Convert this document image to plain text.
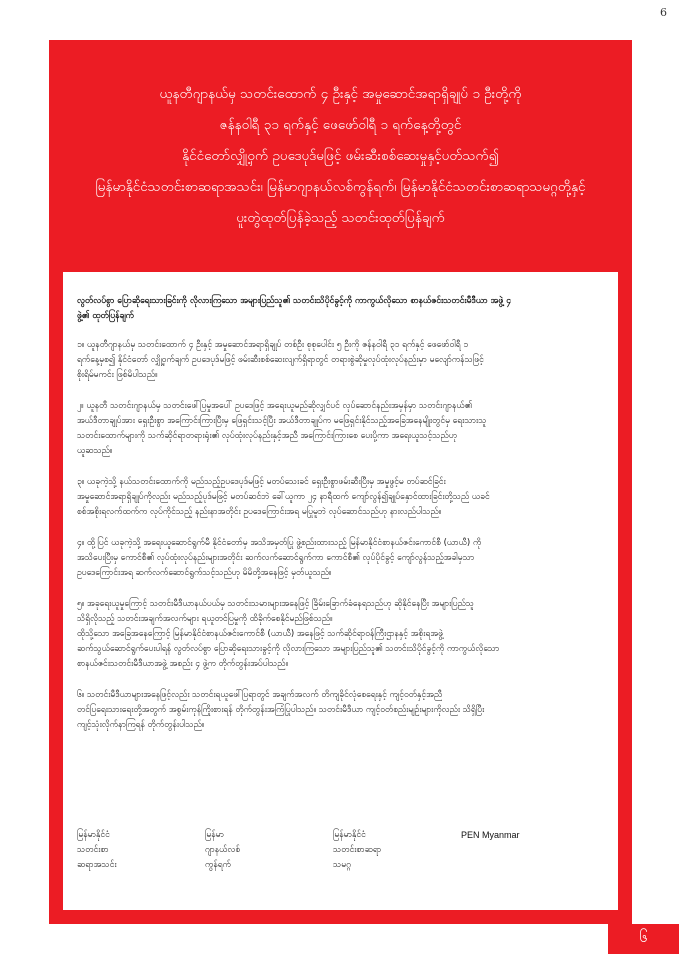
6
ယူနတီဂျာနယ်မှ သတင်းထောက် ၄ ဦးနှင့် အမှုဆောင်အရာရှိချုပ် ၁ ဦးတို့ကို
ဇန်နဝါရီ ၃၁ ရက်နှင့် ဖေဖော်ဝါရီ ၁ ရက်နေ့တို့တွင်
နိုင်ငံတော်လျှို့ဝှက် ဥပဒေပုဒ်မဖြင့် ဖမ်းဆီးစစ်ဆေးမှုနှင့်ပတ်သက်၍
မြန်မာနိုင်ငံသတင်းစာဆရာအသင်း၊ မြန်မာဂျာနယ်လစ်ကွန်ရက်၊ မြန်မာနိုင်ငံသတင်းစာဆရာသမဂ္ဂတို့နှင့်
ပူးတွဲထုတ်ပြန်ခဲ့သည့် သတင်းထုတ်ပြန်ချက်
လွတ်လပ်စွာ ပြောဆိုရေးသားခြင်းကို လိုလားကြသော အများပြည်သူ၏ သတင်းသိပိုင်ခွင့်ကို ကာကွယ်လိုသော စာနယ်ဇင်းသတင်းမီဒီယာ အဖွဲ့ ၄
ဖွဲ့၏ ထုတ်ပြန်ချက်
၁။ ယူနတီဂျာနယ်မှ သတင်းထောက် ၄ ဦးနှင့် အမှုဆောင်အရာရှိချုပ် တစ်ဦး စုစုပေါင်း ၅ ဦးကို ဇန်နဝါရီ ၃၁ ရက်နှင့် ဖေဖော်ဝါရီ ၁
ရက်နေ့မှစ၍ နိုင်ငံတော် လျှို့ဝှက်ချက် ဥပဒေပုဒ်မဖြင့် ဖမ်းဆီးစစ်ဆေးလျက်ရှိရာတွင် တရားစွဲဆိုမှုလုပ်ထုံးလုပ်နည်းမှာ မလျော်ကန်သဖြင့်
စိုးရိမ်မကင်း ဖြစ်မိပါသည်။
၂။ ယူနတီ သတင်းဂျာနယ်မှ သတင်းဖေါ်ပြမှုအပေါ် ဥပဒေဖြင့် အရေးယူမည်ဆိုလျှင်ပင် လုပ်ဆောင်နည်းအမှန်မှာ သတင်းဂျာနယ်၏
အယ်ဒီတာချုပ်အား ရှေးဦးစွာ အကြောင်းကြားပြီးမှ ဖြေရှင်းသင့်ပြီး အယ်ဒီတာချုပ်က မဖြေရှင်းနိုင်သည့်အခြေအနေမျိုးတွင်မှ ရေးသားသူ
သတင်းထောက်များကို သက်ဆိုင်ရာတရားရုံး၏ လုပ်ထုံးလုပ်နည်းနှင့်အညီ အကြောင်းကြားစေ ပေးပို့ကာ အရေးယူသင့်သည်ဟု
ယူဆသည်။
၃။ ယခုကဲ့သို့ နယ်သတင်းထောက်ကို မည်သည့်ဥပဒေပုဒ်မဖြင့် မတပ်သေးခင် ရှေးဦးစွာဖမ်းဆီးပြီးမှ အမှုဖွင့်မ တပ်ဆင်ခြင်း
အမှုဆောင်အရာရှိချုပ်ကိုလည်း မည်သည့်ပုဒ်မဖြင့် မတပ်ဆင်ဘဲ ခေါ်ယူကာ ၂၄ နာရီထက် ကျော်လွန်၍ချုပ်နှောင်ထားခြင်းတို့သည် ယခင်
စစ်အစိုးရလက်ထက်က လုပ်ကိုင်သည့် နည်းနာအတိုင်း ဥပဒေကြောင်းအရ မပြုမူဘဲ လုပ်ဆောင်သည်ဟု နားလည်ပါသည်။
၄။ ထို့ပြင် ယခုကဲ့သို့ အရေးယူဆောင်ရွက်မီ နိုင်ငံတော်မှ အသိအမှတ်ပြု ဖွဲ့စည်းထားသည့် မြန်မာနိုင်ငံစာနယ်ဇင်းကောင်စီ (ယာယီ) ကို
အသိပေးပြီးမှ ကောင်စီ၏ လုပ်ထုံးလုပ်နည်းများအတိုင်း ဆက်လက်ဆောင်ရွက်ကာ ကောင်စီ၏ လုပ်ပိုင်ခွင့် ကျော်လွန်သည့်အခါမှသာ
ဥပဒေကြောင်းအရ ဆက်လက်ဆောင်ရွက်သင့်သည်ဟု မိမိတို့အနေဖြင့် မှတ်ယူသည်။
၅။ အခုရေးယူမှုကြောင့် သတင်းမီဒီယာနယ်ပယ်မှ သတင်းသမားများအနေဖြင့် ခြိမ်းခြောက်ခံနေရသည်ဟု ဆိုနိုင်နေပြီး အများပြည်သူ
သိရှိလိုသည့် သတင်းအချက်အလက်များ ရယူတင်ပြမှုကို ထိခိုက်စေနိုင်မည်ဖြစ်သည်။
ထိုသို့သော အခြေအနေကြောင့် မြန်မာနိုင်ငံစာနယ်ဇင်းကောင်စီ (ယာယီ) အနေဖြင့် သက်ဆိုင်ရာဝန်ကြီးဌာနနှင့် အစိုးရအဖွဲ့
ဆက်သွယ်ဆောင်ရွက်ပေးပါရန် လွတ်လပ်စွာ ပြောဆိုရေးသားခွင့်ကို လိုလားကြသော အများပြည်သူ၏ သတင်းသိပိုင်ခွင့်ကို ကာကွယ်လိုသော
စာနယ်ဇင်းသတင်းမီဒီယာအဖွဲ့ အစည်း ၄ ဖွဲ့က တိုက်တွန်းအပ်ပါသည်။
၆။ သတင်းမီဒီယာများအနေဖြင့်လည်း သတင်းရယူဖေါ်ပြရာတွင် အချက်အလက် တိကျခိုင်လုံစေရေးနှင့် ကျင့်ဝတ်နှင့်အညီ
တင်ပြရေးသားရေးတို့အတွက် အစွမ်းကုန်ကြိုးစားရန် တိုက်တွန်းအကြံပြုပါသည်။ သတင်းမီဒီယာ ကျင့်ဝတ်စည်းမျဉ်းများကိုလည်း သိရှိပြီး
ကျင့်သုံးလိုက်နာကြရန် တိုက်တွန်းပါသည်။
မြန်မာနိုင်ငံ
သတင်းစာ
ဆရာအသင်း
မြန်မာ
ဂျာနယ်လစ်
ကွန်ရက်
မြန်မာနိုင်ငံ
သတင်းစာဆရာ
သမဂ္ဂ
PEN Myanmar
၆
